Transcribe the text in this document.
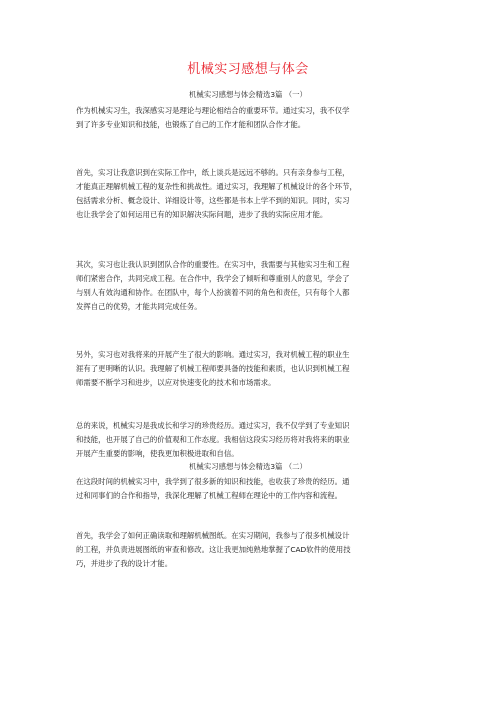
机械实习感想与体会
机械实习感想与体会精选3篇 （一）
作为机械实习生，我深感实习是理论与理论相结合的重要环节。通过实习，我不仅学
到了许多专业知识和技能，也锻炼了自己的工作才能和团队合作才能。
首先，实习让我意识到在实际工作中，纸上谈兵是远远不够的。只有亲身参与工程，
才能真正理解机械工程的复杂性和挑战性。通过实习，我理解了机械设计的各个环节，
包括需求分析、概念设计、详细设计等，这些都是书本上学不到的知识。同时，实习
也让我学会了如何运用已有的知识解决实际问题，进步了我的实际应用才能。
其次，实习也让我认识到团队合作的重要性。在实习中，我需要与其他实习生和工程
师们紧密合作，共同完成工程。在合作中，我学会了倾听和尊重别人的意见，学会了
与别人有效沟通和协作。在团队中，每个人扮演着不同的角色和责任，只有每个人都
发挥自己的优势，才能共同完成任务。
另外，实习也对我将来的开展产生了很大的影响。通过实习，我对机械工程的职业生
涯有了更明晰的认识。我理解了机械工程师要具备的技能和素质，也认识到机械工程
师需要不断学习和进步，以应对快速变化的技术和市场需求。
总的来说，机械实习是我成长和学习的珍贵经历。通过实习，我不仅学到了专业知识
和技能，也开展了自己的价值观和工作态度。我相信这段实习经历将对我将来的职业
开展产生重要的影响，使我更加积极进取和自信。
机械实习感想与体会精选3篇 （二）
在这段时间的机械实习中，我学到了很多新的知识和技能，也收获了珍贵的经历。通
过和同事们的合作和指导，我深化理解了机械工程师在理论中的工作内容和流程。
首先，我学会了如何正确读取和理解机械图纸。在实习期间，我参与了很多机械设计
的工程，并负责进展图纸的审查和修改。这让我更加纯熟地掌握了CAD软件的使用技
巧，并进步了我的设计才能。
